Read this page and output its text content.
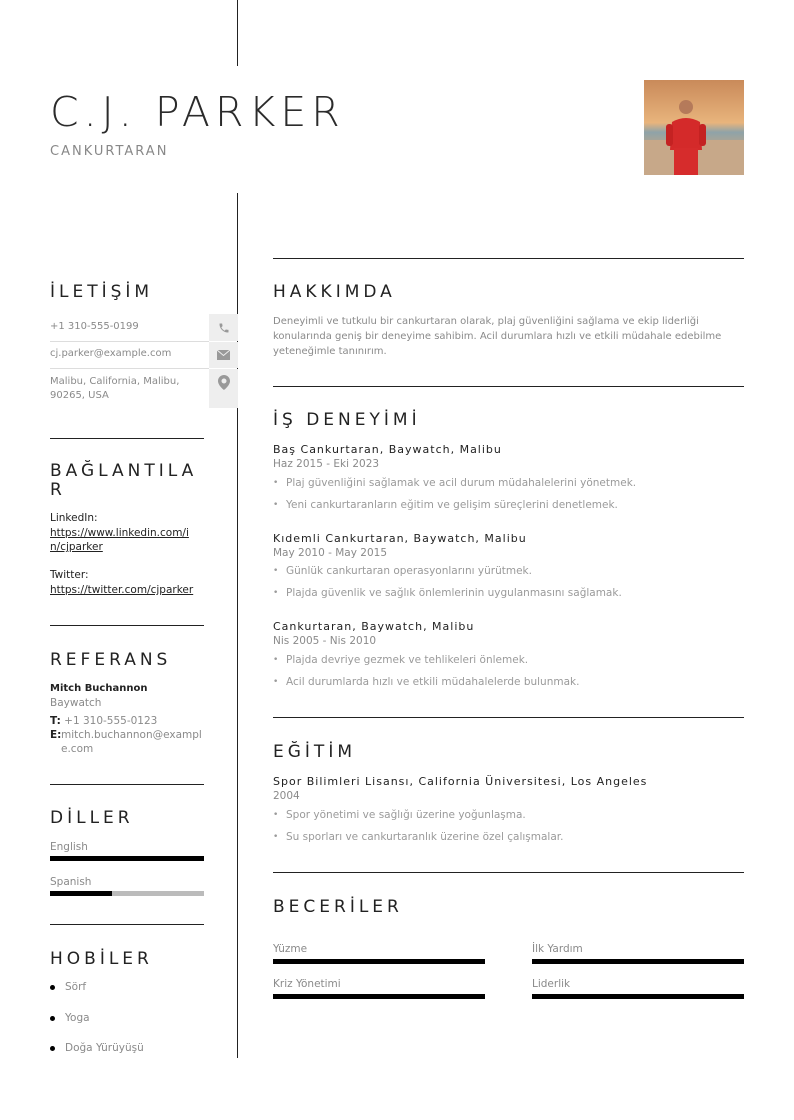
C.J. PARKER
CANKURTARAN
İLETİŞİM
+1 310-555-0199
cj.parker@example.com
Malibu, California, Malibu, 90265, USA
BAĞLANTILA
R
LinkedIn:
https://www.linkedin.com/i
n/cjparker
Twitter:
https://twitter.com/cjparker
REFERANS
Mitch Buchannon
Baywatch
T: +1 310-555-0123
E: mitch.buchannon@exampl
e.com
DİLLER
English
Spanish
HOBİLER
Sörf
Yoga
Doğa Yürüyüşü
HAKKIMDA
Deneyimli ve tutkulu bir cankurtaran olarak, plaj güvenliğini sağlama ve ekip liderliği
konularında geniş bir deneyime sahibim. Acil durumlara hızlı ve etkili müdahale edebilme
yeteneğimle tanınırım.
İŞ DENEYİMİ
Baş Cankurtaran, Baywatch, Malibu
Haz 2015 - Eki 2023
• Plaj güvenliğini sağlamak ve acil durum müdahalelerini yönetmek.
• Yeni cankurtaranların eğitim ve gelişim süreçlerini denetlemek.
Kıdemli Cankurtaran, Baywatch, Malibu
May 2010 - May 2015
• Günlük cankurtaran operasyonlarını yürütmek.
• Plajda güvenlik ve sağlık önlemlerinin uygulanmasını sağlamak.
Cankurtaran, Baywatch, Malibu
Nis 2005 - Nis 2010
• Plajda devriye gezmek ve tehlikeleri önlemek.
• Acil durumlarda hızlı ve etkili müdahalelerde bulunmak.
EĞİTİM
Spor Bilimleri Lisansı, California Üniversitesi, Los Angeles
2004
• Spor yönetimi ve sağlığı üzerine yoğunlaşma.
• Su sporları ve cankurtaranlık üzerine özel çalışmalar.
BECERİLER
Yüzme	İlk Yardım
Kriz Yönetimi	Liderlik
